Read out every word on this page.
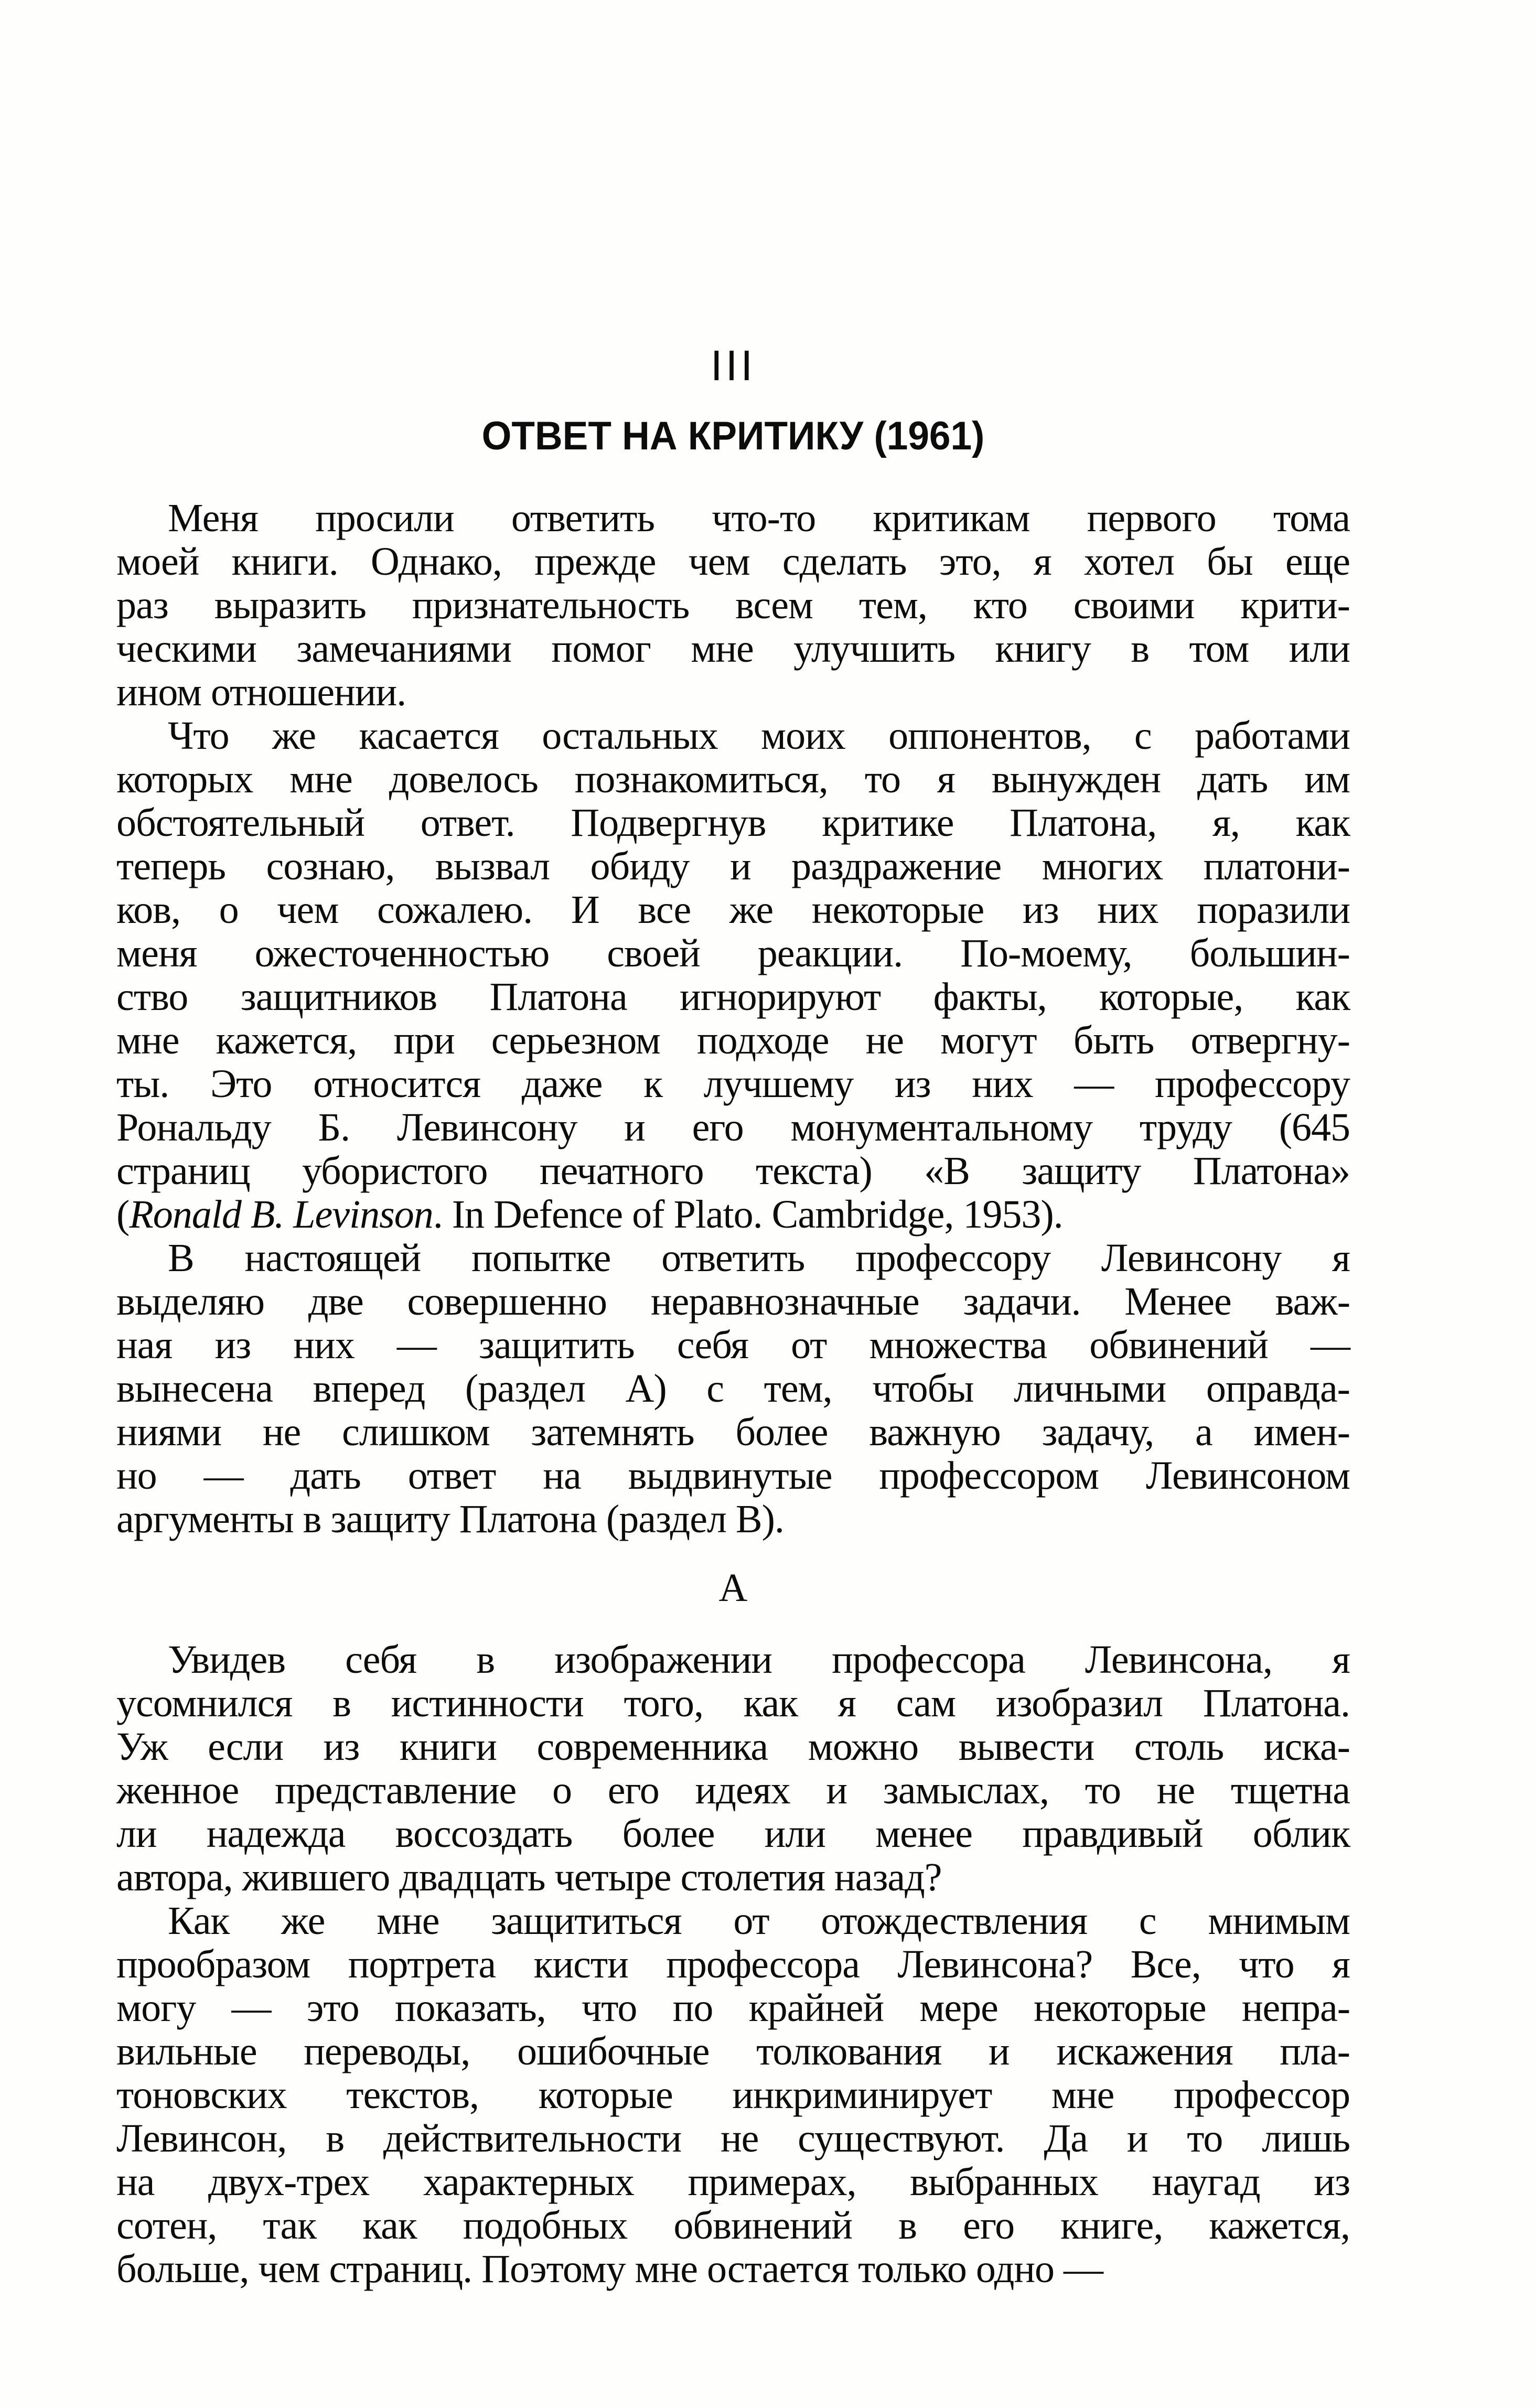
III
ОТВЕТ НА КРИТИКУ (1961)
Меня просили ответить что-то критикам первого тома
моей книги. Однако, прежде чем сделать это, я хотел бы еще
раз выразить признательность всем тем, кто своими крити-
ческими замечаниями помог мне улучшить книгу в том или
ином отношении.
Что же касается остальных моих оппонентов, с работами
которых мне довелось познакомиться, то я вынужден дать им
обстоятельный ответ. Подвергнув критике Платона, я, как
теперь сознаю, вызвал обиду и раздражение многих платони-
ков, о чем сожалею. И все же некоторые из них поразили
меня ожесточенностью своей реакции. По-моему, большин-
ство защитников Платона игнорируют факты, которые, как
мне кажется, при серьезном подходе не могут быть отвергну-
ты. Это относится даже к лучшему из них — профессору
Рональду Б. Левинсону и его монументальному труду (645
страниц убористого печатного текста) «В защиту Платона»
(Ronald B. Levinson. In Defence of Plato. Cambridge, 1953).
В настоящей попытке ответить профессору Левинсону я
выделяю две совершенно неравнозначные задачи. Менее важ-
ная из них — защитить себя от множества обвинений —
вынесена вперед (раздел А) с тем, чтобы личными оправда-
ниями не слишком затемнять более важную задачу, а имен-
но — дать ответ на выдвинутые профессором Левинсоном
аргументы в защиту Платона (раздел В).
А
Увидев себя в изображении профессора Левинсона, я
усомнился в истинности того, как я сам изобразил Платона.
Уж если из книги современника можно вывести столь иска-
женное представление о его идеях и замыслах, то не тщетна
ли надежда воссоздать более или менее правдивый облик
автора, жившего двадцать четыре столетия назад?
Как же мне защититься от отождествления с мнимым
прообразом портрета кисти профессора Левинсона? Все, что я
могу — это показать, что по крайней мере некоторые непра-
вильные переводы, ошибочные толкования и искажения пла-
тоновских текстов, которые инкриминирует мне профессор
Левинсон, в действительности не существуют. Да и то лишь
на двух-трех характерных примерах, выбранных наугад из
сотен, так как подобных обвинений в его книге, кажется,
больше, чем страниц. Поэтому мне остается только одно —
